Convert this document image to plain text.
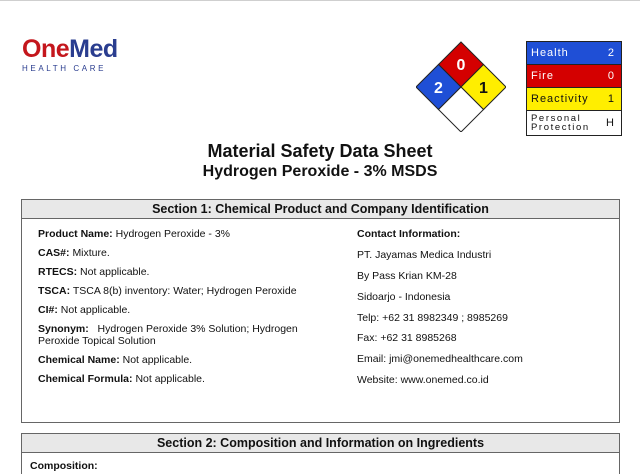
OneMed
HEALTH CARE	0
2 1
Health	2
Fire	0
Reactivity 1
Personal
Protection H
Material Safety Data Sheet
Hydrogen Peroxide - 3% MSDS
Section 1: Chemical Product and Company Identification
Product Name: Hydrogen Peroxide - 3%
CAS#: Mixture.
RTECS: Not applicable.
TSCA: TSCA 8(b) inventory: Water; Hydrogen Peroxide
CI#: Not applicable.
Synonym: Hydrogen Peroxide 3% Solution; Hydrogen Peroxide Topical Solution
Chemical Name: Not applicable.
Chemical Formula: Not applicable.
Contact Information:
PT. Jayamas Medica Industri
By Pass Krian KM-28
Sidoarjo - Indonesia
Telp: +62 31 8982349 ; 8985269
Fax: +62 31 8985268
Email: jmi@onemedhealthcare.com
Website: www.onemed.co.id
Section 2: Composition and Information on Ingredients
Composition:
